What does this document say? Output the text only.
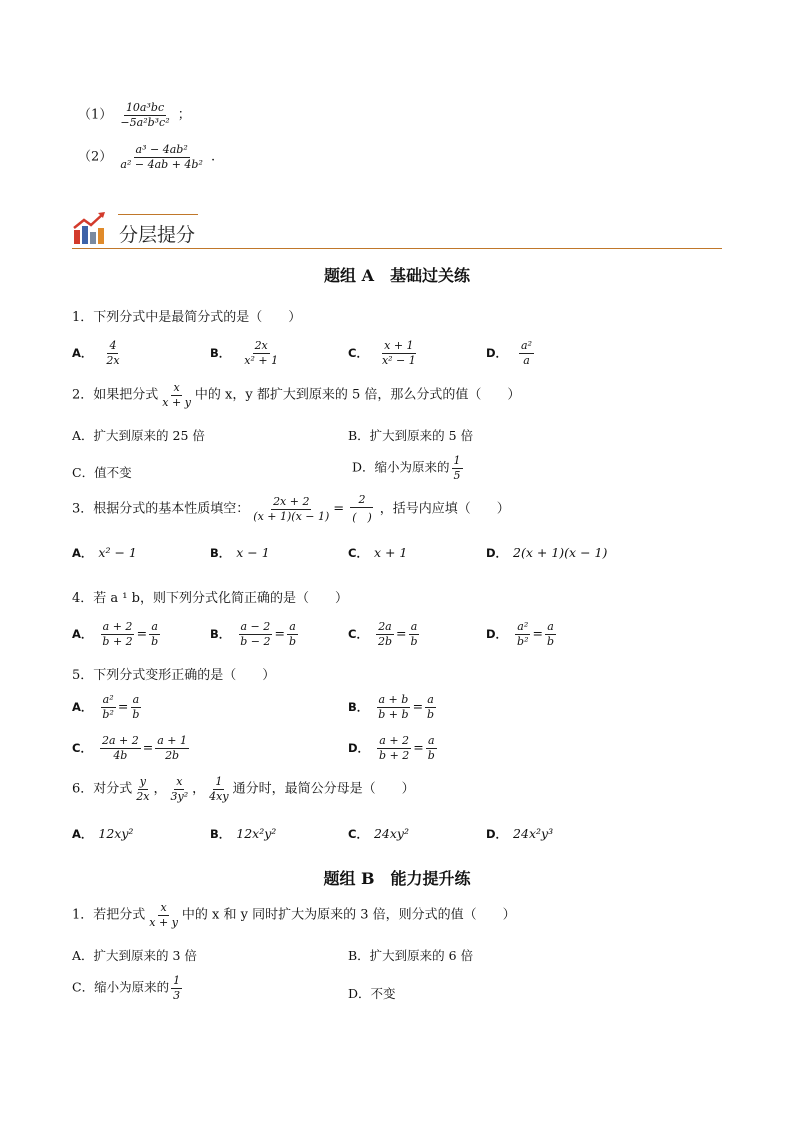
$(1) \frac{\text{10a³bc}}{\text{−5a²b³c²}}$ ；
$(2) \frac{\text{a³ − 4ab²}}{\text{a² − 4ab + 4b²}}$ .
分层提分
题组 A　基础过关练
1．下列分式中是最简分式的是（　　）
A． $\frac{4}{2x}$	B． $\frac{2x}{\text{x² + 1}}$	C． $\frac{x + 1}{\text{x² − 1}}$	D． $\frac{\text{a²}}{a}$
2．如果把分式 $\frac{x}{x + y}$ 中的 x，y 都扩大到原来的 5 倍，那么分式的值（　　）
A．扩大到原来的 25 倍	B．扩大到原来的 5 倍
C．值不变	D．缩小为原来的 $\frac{1}{5}$
3．根据分式的基本性质填空： $\frac{2x + 2}{(x + 1)(x - 1)} = \frac{2}{( )}$ ，括号内应填（　　）
A． x² − 1	B． x − 1	C． x + 1	D． 2(x + 1)(x − 1)
4．若 a ¹ b，则下列分式化简正确的是（　　）
A． $\frac{a + 2}{b + 2} = \frac{a}{b}$	B． $\frac{a - 2}{b - 2} = \frac{a}{b}$	C． $\frac{2a}{2b} = \frac{a}{b}$	D． $\frac{\text{a²}}{\text{b²}} = \frac{a}{b}$
5．下列分式变形正确的是（　　）
A． $\frac{\text{a²}}{\text{b²}} = \frac{a}{b}$	B． $\frac{a + b}{b + b} = \frac{a}{b}$
C． $\frac{2a + 2}{4b} = \frac{a + 1}{2b}$	D． $\frac{a + 2}{b + 2} = \frac{a}{b}$
6．对分式 $\frac{y}{2x}$ ， $\frac{x}{\text{3y²}}$ ， $\frac{1}{4xy}$ 通分时，最简公分母是（　　）
A． 12xy²	B． 12x²y²	C． 24xy²	D． 24x²y³
题组 B　能力提升练
1．若把分式 $\frac{x}{x + y}$ 中的 x 和 y 同时扩大为原来的 3 倍，则分式的值（　　）
A．扩大到原来的 3 倍	B．扩大到原来的 6 倍
C．缩小为原来的 $\frac{1}{3}$	D．不变
